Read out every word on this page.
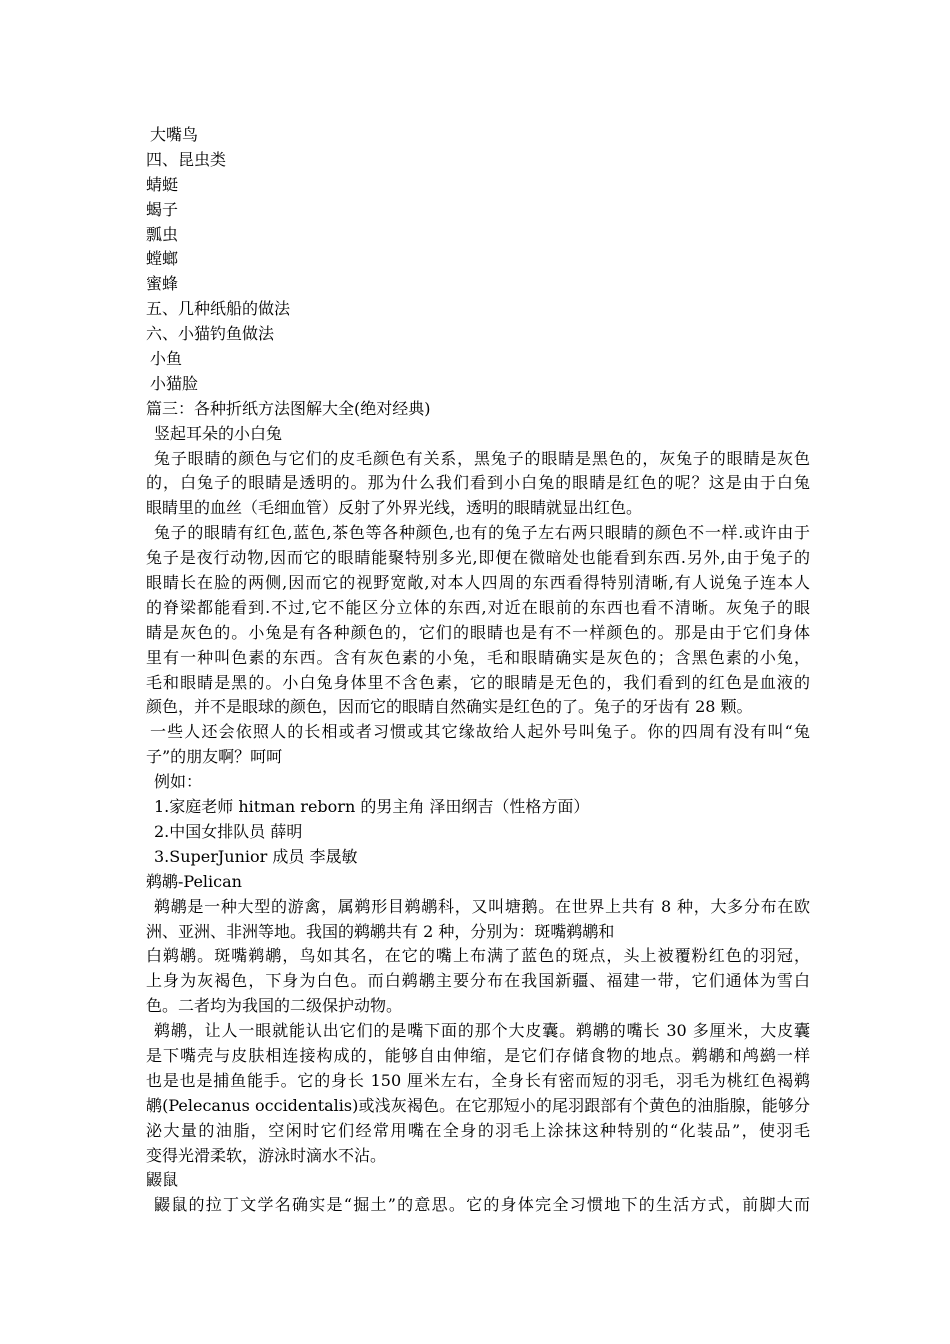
大嘴鸟
四、昆虫类
蜻蜓
蝎子
瓢虫
螳螂
蜜蜂
五、几种纸船的做法
六、小猫钓鱼做法
小鱼
小猫脸
篇三：各种折纸方法图解大全(绝对经典)
竖起耳朵的小白兔
兔子眼睛的颜色与它们的皮毛颜色有关系，黑兔子的眼睛是黑色的，灰兔子的眼睛是灰色
的，白兔子的眼睛是透明的。那为什么我们看到小白兔的眼睛是红色的呢？这是由于白兔
眼睛里的血丝（毛细血管）反射了外界光线，透明的眼睛就显出红色。
兔子的眼睛有红色,蓝色,茶色等各种颜色,也有的兔子左右两只眼睛的颜色不一样.或许由于
兔子是夜行动物,因而它的眼睛能聚特别多光,即便在微暗处也能看到东西.另外,由于兔子的
眼睛长在脸的两侧,因而它的视野宽敞,对本人四周的东西看得特别清晰,有人说兔子连本人
的脊梁都能看到.不过,它不能区分立体的东西,对近在眼前的东西也看不清晰。灰兔子的眼
睛是灰色的。小兔是有各种颜色的，它们的眼睛也是有不一样颜色的。那是由于它们身体
里有一种叫色素的东西。含有灰色素的小兔，毛和眼睛确实是灰色的；含黑色素的小兔，
毛和眼睛是黑的。小白兔身体里不含色素，它的眼睛是无色的，我们看到的红色是血液的
颜色，并不是眼球的颜色，因而它的眼睛自然确实是红色的了。兔子的牙齿有 28 颗。
一些人还会依照人的长相或者习惯或其它缘故给人起外号叫兔子。你的四周有没有叫“兔
子”的朋友啊？呵呵
例如：
1.家庭老师 hitman reborn 的男主角 泽田纲吉（性格方面）
2.中国女排队员 薛明
3.SuperJunior 成员 李晟敏
鹈鹕-Pelican
鹈鹕是一种大型的游禽，属鹈形目鹈鹕科，又叫塘鹅。在世界上共有 8 种，大多分布在欧
洲、亚洲、非洲等地。我国的鹈鹕共有 2 种，分别为：斑嘴鹈鹕和
白鹈鹕。斑嘴鹈鹕，鸟如其名，在它的嘴上布满了蓝色的斑点，头上被覆粉红色的羽冠，
上身为灰褐色，下身为白色。而白鹈鹕主要分布在我国新疆、福建一带，它们通体为雪白
色。二者均为我国的二级保护动物。
鹈鹕，让人一眼就能认出它们的是嘴下面的那个大皮囊。鹈鹕的嘴长 30 多厘米，大皮囊
是下嘴壳与皮肤相连接构成的，能够自由伸缩，是它们存储食物的地点。鹈鹕和鸬鹚一样
也是也是捕鱼能手。它的身长 150 厘米左右，全身长有密而短的羽毛，羽毛为桃红色褐鹈
鹕(Pelecanus occidentalis)或浅灰褐色。在它那短小的尾羽跟部有个黄色的油脂腺，能够分
泌大量的油脂，空闲时它们经常用嘴在全身的羽毛上涂抹这种特别的“化装品”，使羽毛
变得光滑柔软，游泳时滴水不沾。
鼹鼠
鼹鼠的拉丁文学名确实是“掘土”的意思。它的身体完全习惯地下的生活方式，前脚大而
